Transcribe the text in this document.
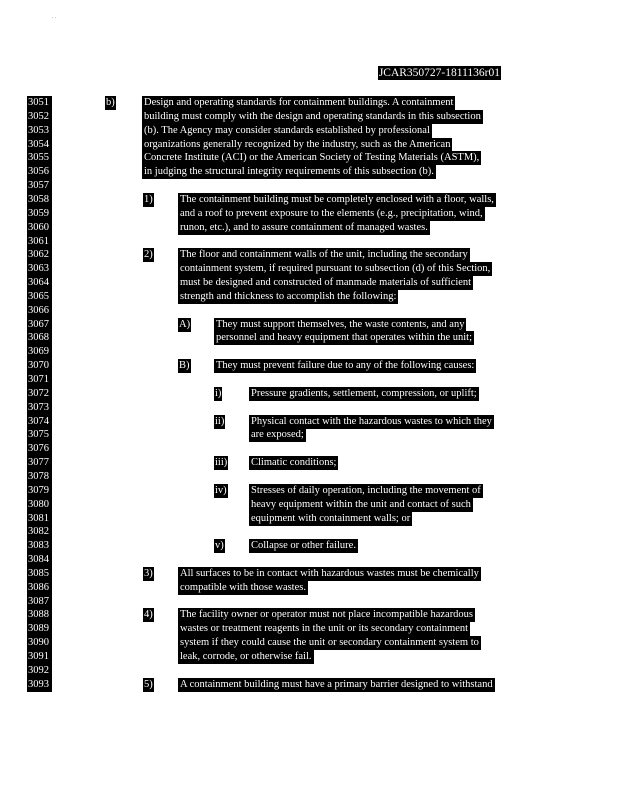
. .
JCAR350727-1811136r01
3051	b)	Design and operating standards for containment buildings. A containment
3052	building must comply with the design and operating standards in this subsection
3053	(b). The Agency may consider standards established by professional
3054	organizations generally recognized by the industry, such as the American
3055	Concrete Institute (ACI) or the American Society of Testing Materials (ASTM),
3056	in judging the structural integrity requirements of this subsection (b).
3057
3058	1)	The containment building must be completely enclosed with a floor, walls,
3059	and a roof to prevent exposure to the elements (e.g., precipitation, wind,
3060	runon, etc.), and to assure containment of managed wastes.
3061
3062	2)	The floor and containment walls of the unit, including the secondary
3063	containment system, if required pursuant to subsection (d) of this Section,
3064	must be designed and constructed of manmade materials of sufficient
3065	strength and thickness to accomplish the following:
3066
3067	A) They must support themselves, the waste contents, and any
3068	personnel and heavy equipment that operates within the unit;
3069
3070	B)	They must prevent failure due to any of the following causes:
3071
3072	i)	Pressure gradients, settlement, compression, or uplift;
3073
3074	ii)	Physical contact with the hazardous wastes to which they
3075	are exposed;
3076
3077	iii) Climatic conditions;
3078
3079	iv) Stresses of daily operation, including the movement of
3080	heavy equipment within the unit and contact of such
3081	equipment with containment walls; or
3082
3083	v)	Collapse or other failure.
3084
3085	3)	All surfaces to be in contact with hazardous wastes must be chemically
3086	compatible with those wastes.
3087
3088	4)	The facility owner or operator must not place incompatible hazardous
3089	wastes or treatment reagents in the unit or its secondary containment
3090	system if they could cause the unit or secondary containment system to
3091	leak, corrode, or otherwise fail.
3092
3093	5)	A containment building must have a primary barrier designed to withstand
